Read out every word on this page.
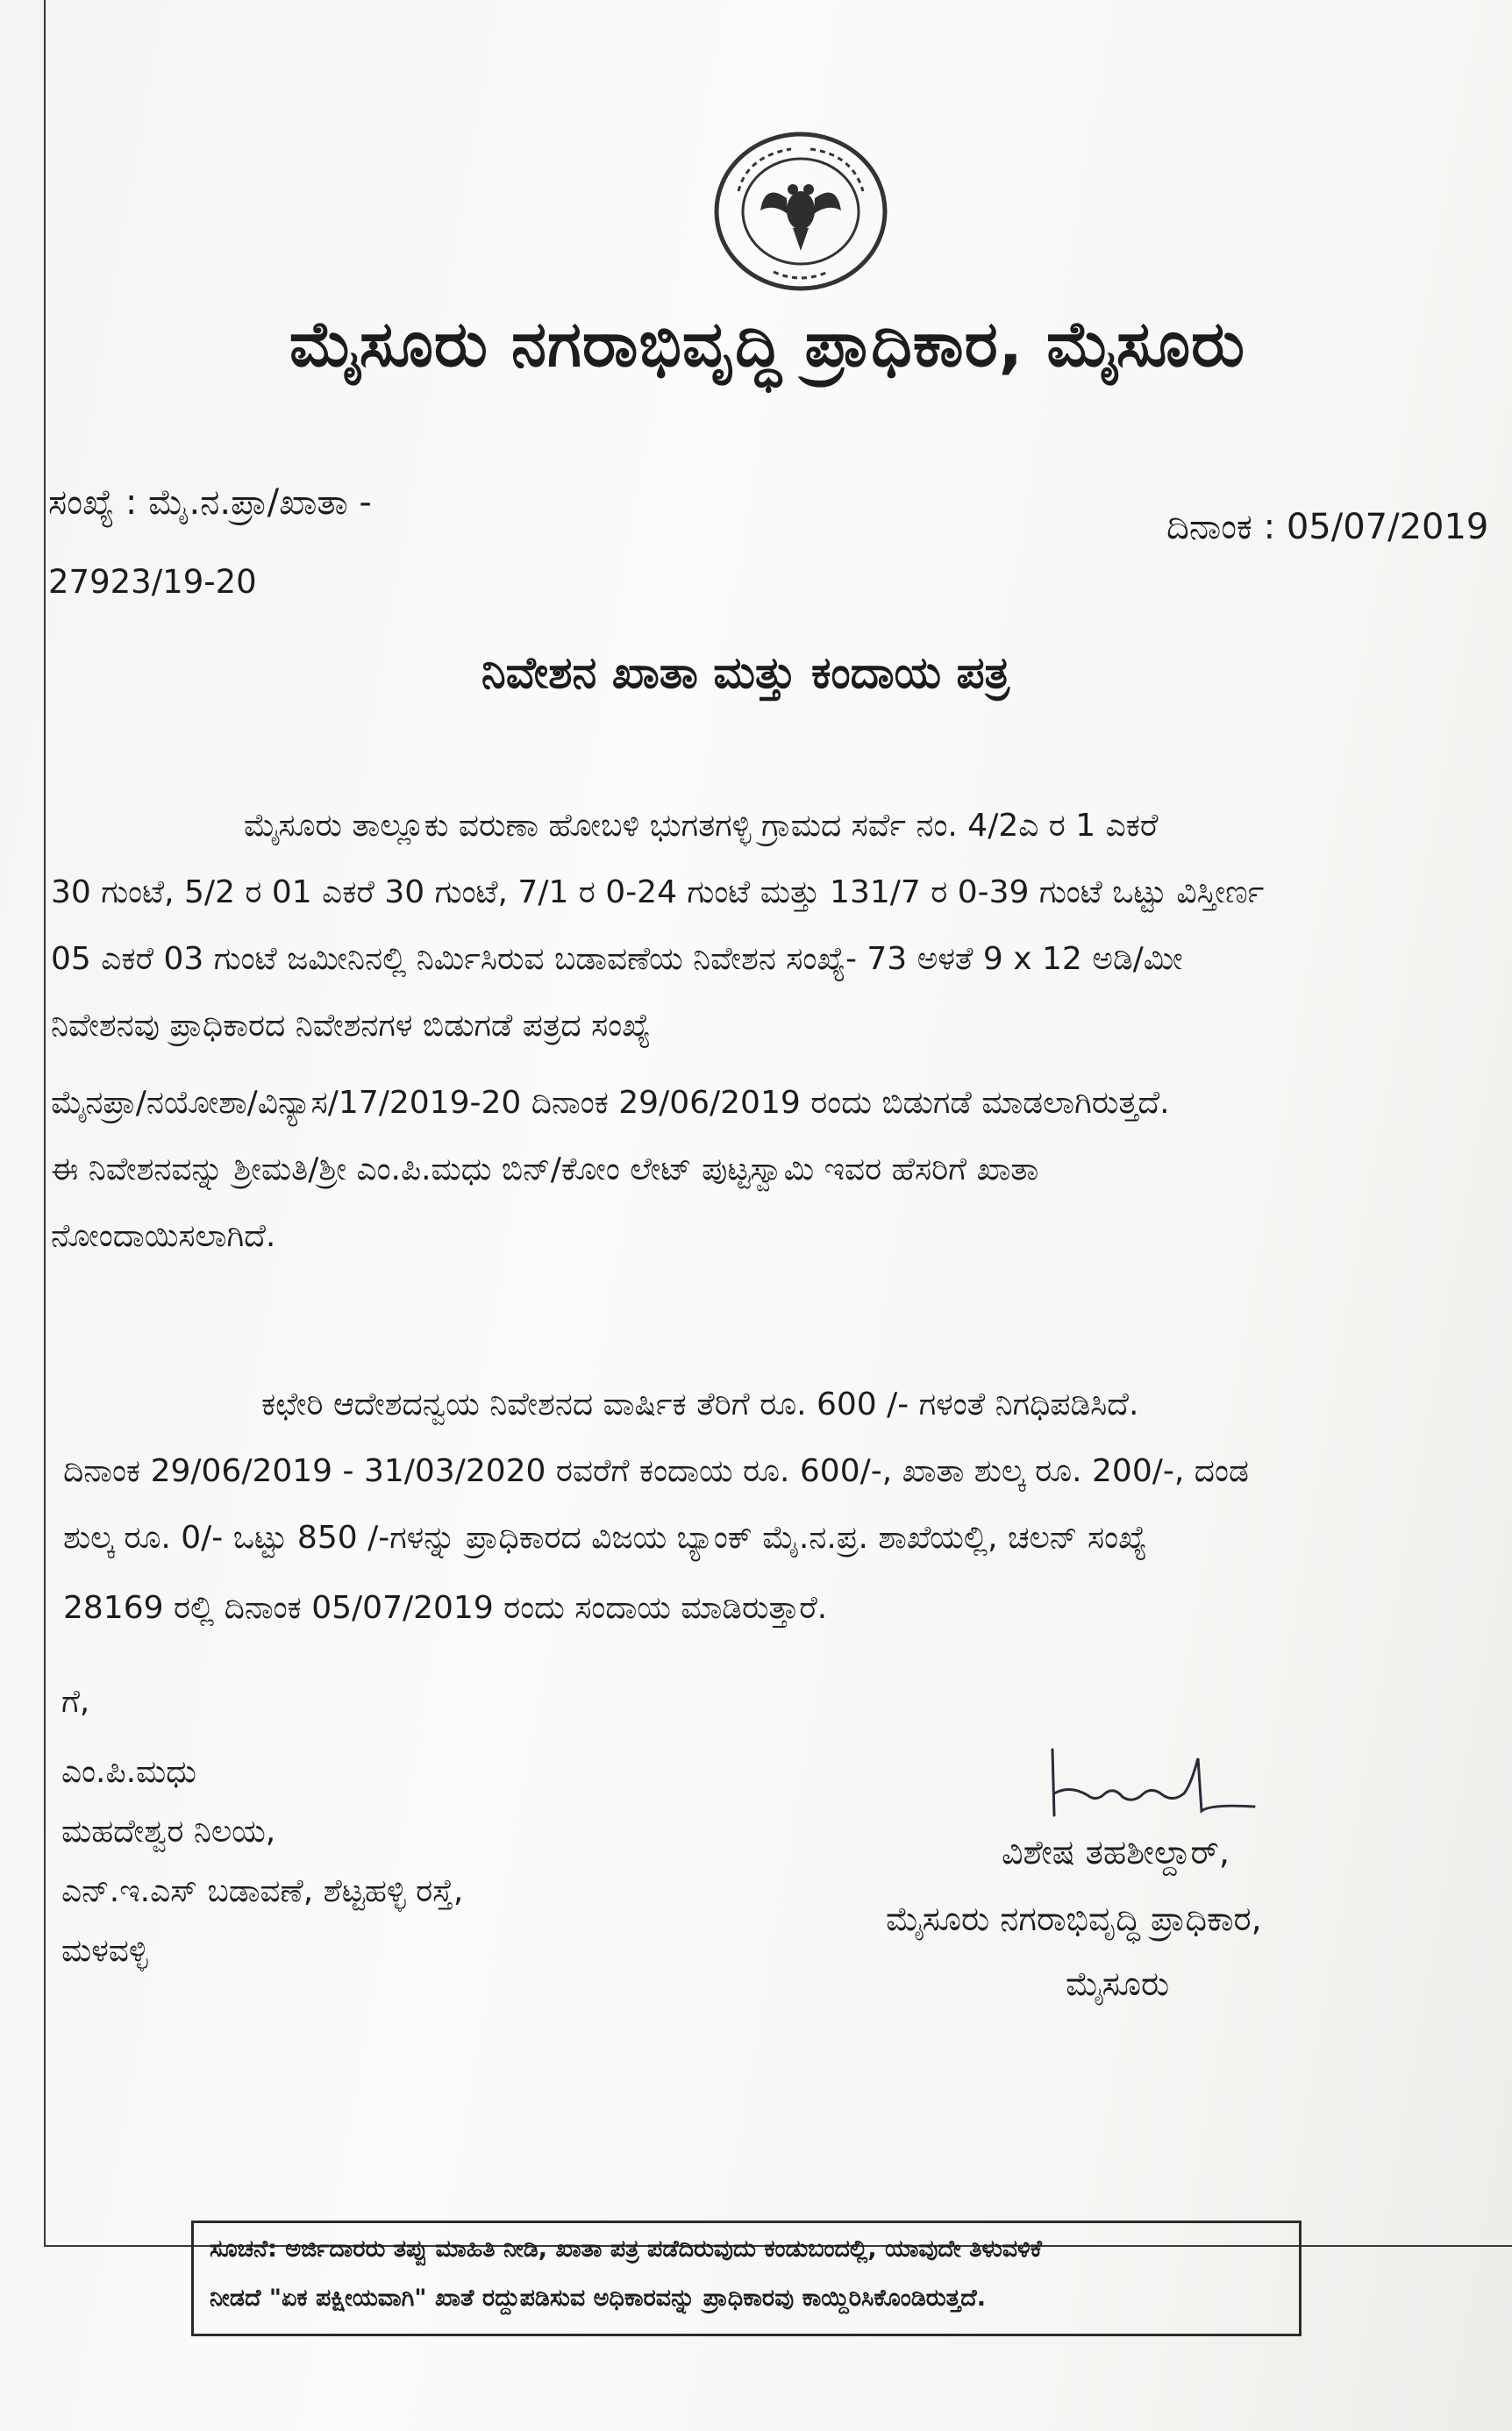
ಮೈಸೂರು ನಗರಾಭಿವೃದ್ಧಿ ಪ್ರಾಧಿಕಾರ, ಮೈಸೂರು
ಸಂಖ್ಯೆ : ಮೈ.ನ.ಪ್ರಾ/ಖಾತಾ -
27923/19-20
ದಿನಾಂಕ : 05/07/2019
ನಿವೇಶನ ಖಾತಾ ಮತ್ತು ಕಂದಾಯ ಪತ್ರ
ಮೈಸೂರು ತಾಲ್ಲೂಕು ವರುಣಾ ಹೋಬಳಿ ಭುಗತಗಳ್ಳಿ ಗ್ರಾಮದ ಸರ್ವೆ ನಂ. 4/2ಎ ರ 1 ಎಕರೆ
30 ಗುಂಟೆ, 5/2 ರ 01 ಎಕರೆ 30 ಗುಂಟೆ, 7/1 ರ 0-24 ಗುಂಟೆ ಮತ್ತು 131/7 ರ 0-39 ಗುಂಟೆ ಒಟ್ಟು ವಿಸ್ತೀರ್ಣ
05 ಎಕರೆ 03 ಗುಂಟೆ ಜಮೀನಿನಲ್ಲಿ ನಿರ್ಮಿಸಿರುವ ಬಡಾವಣೆಯ ನಿವೇಶನ ಸಂಖ್ಯೆ- 73 ಅಳತೆ 9 x 12 ಅಡಿ/ಮೀ
ನಿವೇಶನವು ಪ್ರಾಧಿಕಾರದ ನಿವೇಶನಗಳ ಬಿಡುಗಡೆ ಪತ್ರದ ಸಂಖ್ಯೆ
ಮೈನಪ್ರಾ/ನಯೋಶಾ/ವಿನ್ಯಾಸ/17/2019-20 ದಿನಾಂಕ 29/06/2019 ರಂದು ಬಿಡುಗಡೆ ಮಾಡಲಾಗಿರುತ್ತದೆ.
ಈ ನಿವೇಶನವನ್ನು ಶ್ರೀಮತಿ/ಶ್ರೀ ಎಂ.ಪಿ.ಮಧು ಬಿನ್/ಕೋಂ ಲೇಟ್ ಪುಟ್ಟಸ್ವಾಮಿ ಇವರ ಹೆಸರಿಗೆ ಖಾತಾ
ನೋಂದಾಯಿಸಲಾಗಿದೆ.
ಕಛೇರಿ ಆದೇಶದನ್ವಯ ನಿವೇಶನದ ವಾರ್ಷಿಕ ತೆರಿಗೆ ರೂ. 600 /- ಗಳಂತೆ ನಿಗಧಿಪಡಿಸಿದೆ.
ದಿನಾಂಕ 29/06/2019 - 31/03/2020 ರವರೆಗೆ ಕಂದಾಯ ರೂ. 600/-, ಖಾತಾ ಶುಲ್ಕ ರೂ. 200/-, ದಂಡ
ಶುಲ್ಕ ರೂ. 0/- ಒಟ್ಟು 850 /-ಗಳನ್ನು ಪ್ರಾಧಿಕಾರದ ವಿಜಯ ಬ್ಯಾಂಕ್ ಮೈ.ನ.ಪ್ರ. ಶಾಖೆಯಲ್ಲಿ, ಚಲನ್ ಸಂಖ್ಯೆ
28169 ರಲ್ಲಿ ದಿನಾಂಕ 05/07/2019 ರಂದು ಸಂದಾಯ ಮಾಡಿರುತ್ತಾರೆ.
ಗೆ,
ಎಂ.ಪಿ.ಮಧು
ಮಹದೇಶ್ವರ ನಿಲಯ,
ಎನ್.ಇ.ಎಸ್ ಬಡಾವಣೆ, ಶೆಟ್ಟಹಳ್ಳಿ ರಸ್ತೆ,
ಮಳವಳ್ಳಿ
ವಿಶೇಷ ತಹಶೀಲ್ದಾರ್,
ಮೈಸೂರು ನಗರಾಭಿವೃದ್ಧಿ ಪ್ರಾಧಿಕಾರ,
ಮೈಸೂರು
ಸೂಚನೆ: ಅರ್ಜಿದಾರರು ತಪ್ಪು ಮಾಹಿತಿ ನೀಡಿ, ಖಾತಾ ಪತ್ರ ಪಡೆದಿರುವುದು ಕಂಡುಬಂದಲ್ಲಿ, ಯಾವುದೇ ತಿಳುವಳಿಕೆ
ನೀಡದೆ "ಏಕ ಪಕ್ಷೀಯವಾಗಿ" ಖಾತೆ ರದ್ದುಪಡಿಸುವ ಅಧಿಕಾರವನ್ನು ಪ್ರಾಧಿಕಾರವು ಕಾಯ್ದಿರಿಸಿಕೊಂಡಿರುತ್ತದೆ.
